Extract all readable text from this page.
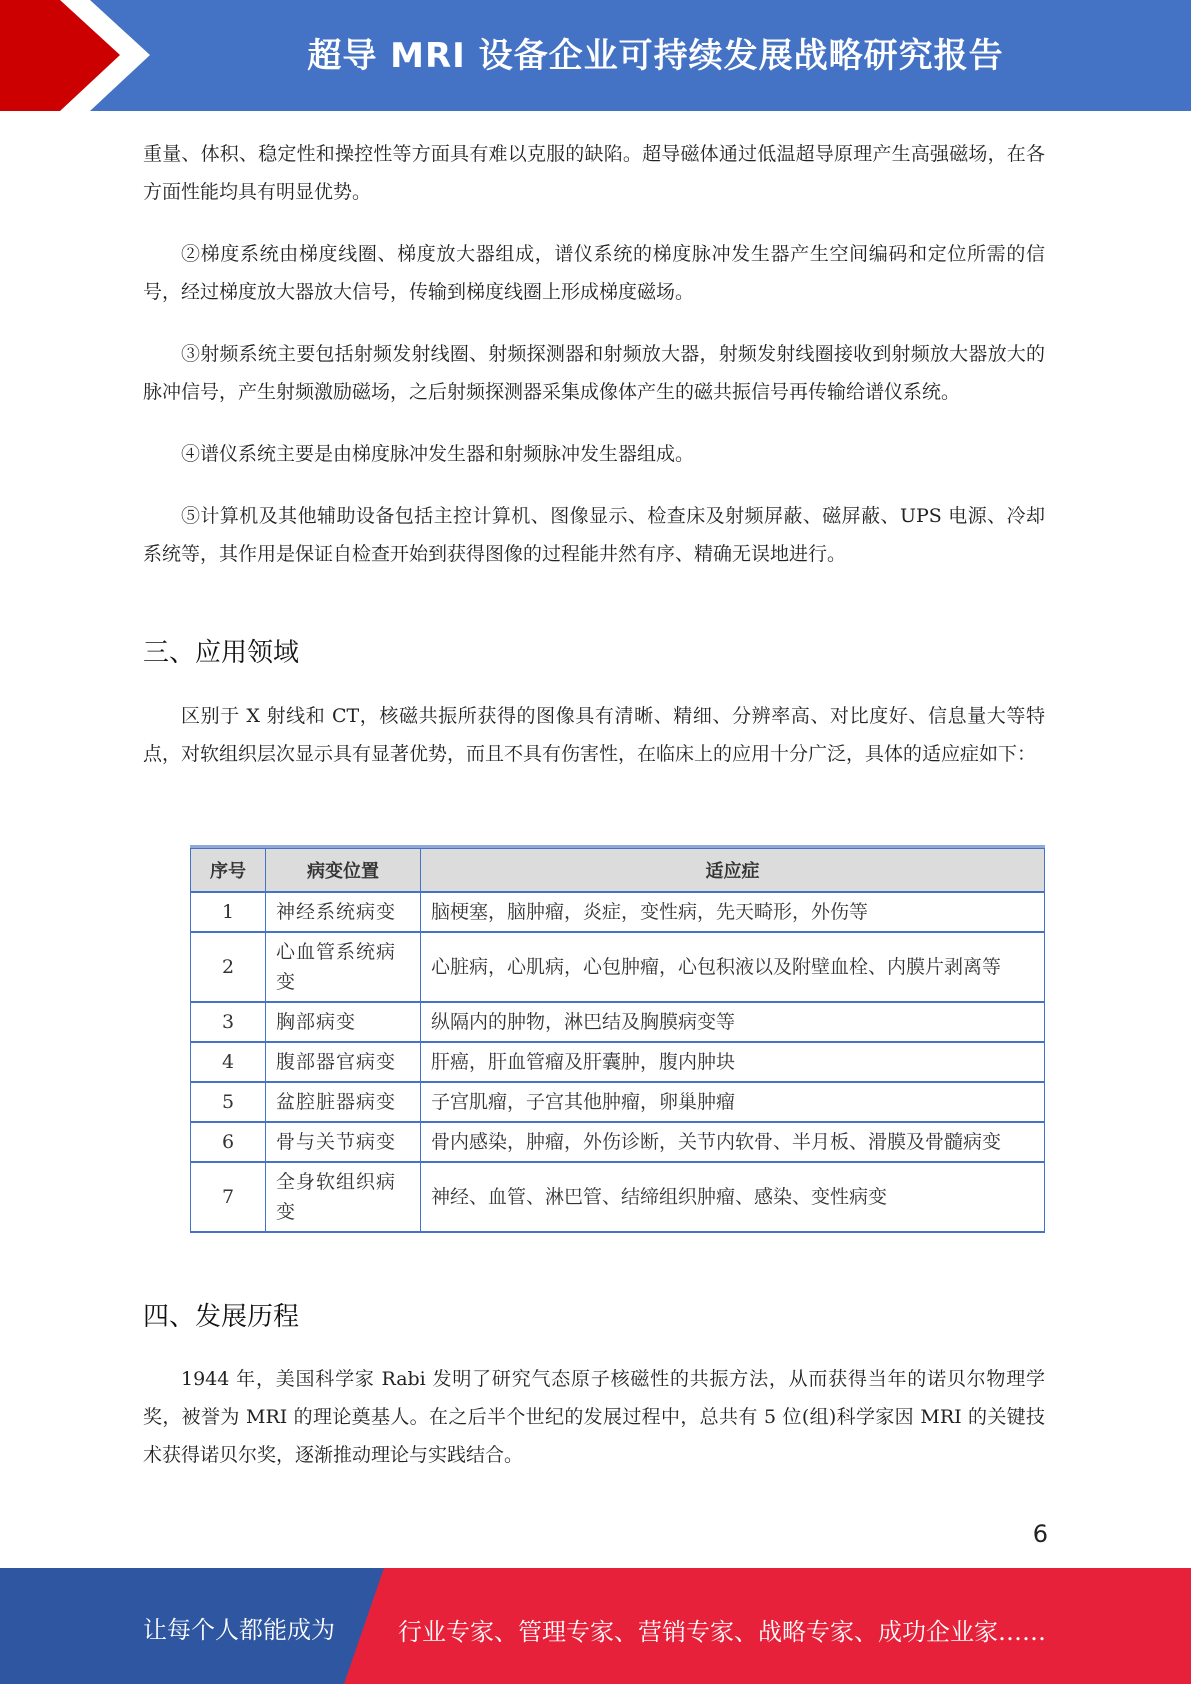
超导 MRI 设备企业可持续发展战略研究报告

重量、体积、稳定性和操控性等方面具有难以克服的缺陷。超导磁体通过低温超导原理产生高强磁场，在各方面性能均具有明显优势。

②梯度系统由梯度线圈、梯度放大器组成，谱仪系统的梯度脉冲发生器产生空间编码和定位所需的信号，经过梯度放大器放大信号，传输到梯度线圈上形成梯度磁场。

③射频系统主要包括射频发射线圈、射频探测器和射频放大器，射频发射线圈接收到射频放大器放大的脉冲信号，产生射频激励磁场，之后射频探测器采集成像体产生的磁共振信号再传输给谱仪系统。

④谱仪系统主要是由梯度脉冲发生器和射频脉冲发生器组成。

⑤计算机及其他辅助设备包括主控计算机、图像显示、检查床及射频屏蔽、磁屏蔽、UPS 电源、冷却系统等，其作用是保证自检查开始到获得图像的过程能井然有序、精确无误地进行。

三、应用领域

区别于 X 射线和 CT，核磁共振所获得的图像具有清晰、精细、分辨率高、对比度好、信息量大等特点，对软组织层次显示具有显著优势，而且不具有伤害性，在临床上的应用十分广泛，具体的适应症如下：

序号	病变位置	适应症
1	神经系统病变	脑梗塞，脑肿瘤，炎症，变性病，先天畸形，外伤等
2	心血管系统病变	心脏病，心肌病，心包肿瘤，心包积液以及附壁血栓、内膜片剥离等
3	胸部病变	纵隔内的肿物，淋巴结及胸膜病变等
4	腹部器官病变	肝癌，肝血管瘤及肝囊肿，腹内肿块
5	盆腔脏器病变	子宫肌瘤，子宫其他肿瘤，卵巢肿瘤
6	骨与关节病变	骨内感染，肿瘤，外伤诊断，关节内软骨、半月板、滑膜及骨髓病变
7	全身软组织病变	神经、血管、淋巴管、结缔组织肿瘤、感染、变性病变
四、发展历程

1944 年，美国科学家 Rabi 发明了研究气态原子核磁性的共振方法，从而获得当年的诺贝尔物理学奖，被誉为 MRI 的理论奠基人。在之后半个世纪的发展过程中，总共有 5 位(组)科学家因 MRI 的关键技术获得诺贝尔奖，逐渐推动理论与实践结合。

6
让每个人都能成为	行业专家、管理专家、营销专家、战略专家、成功企业家……
